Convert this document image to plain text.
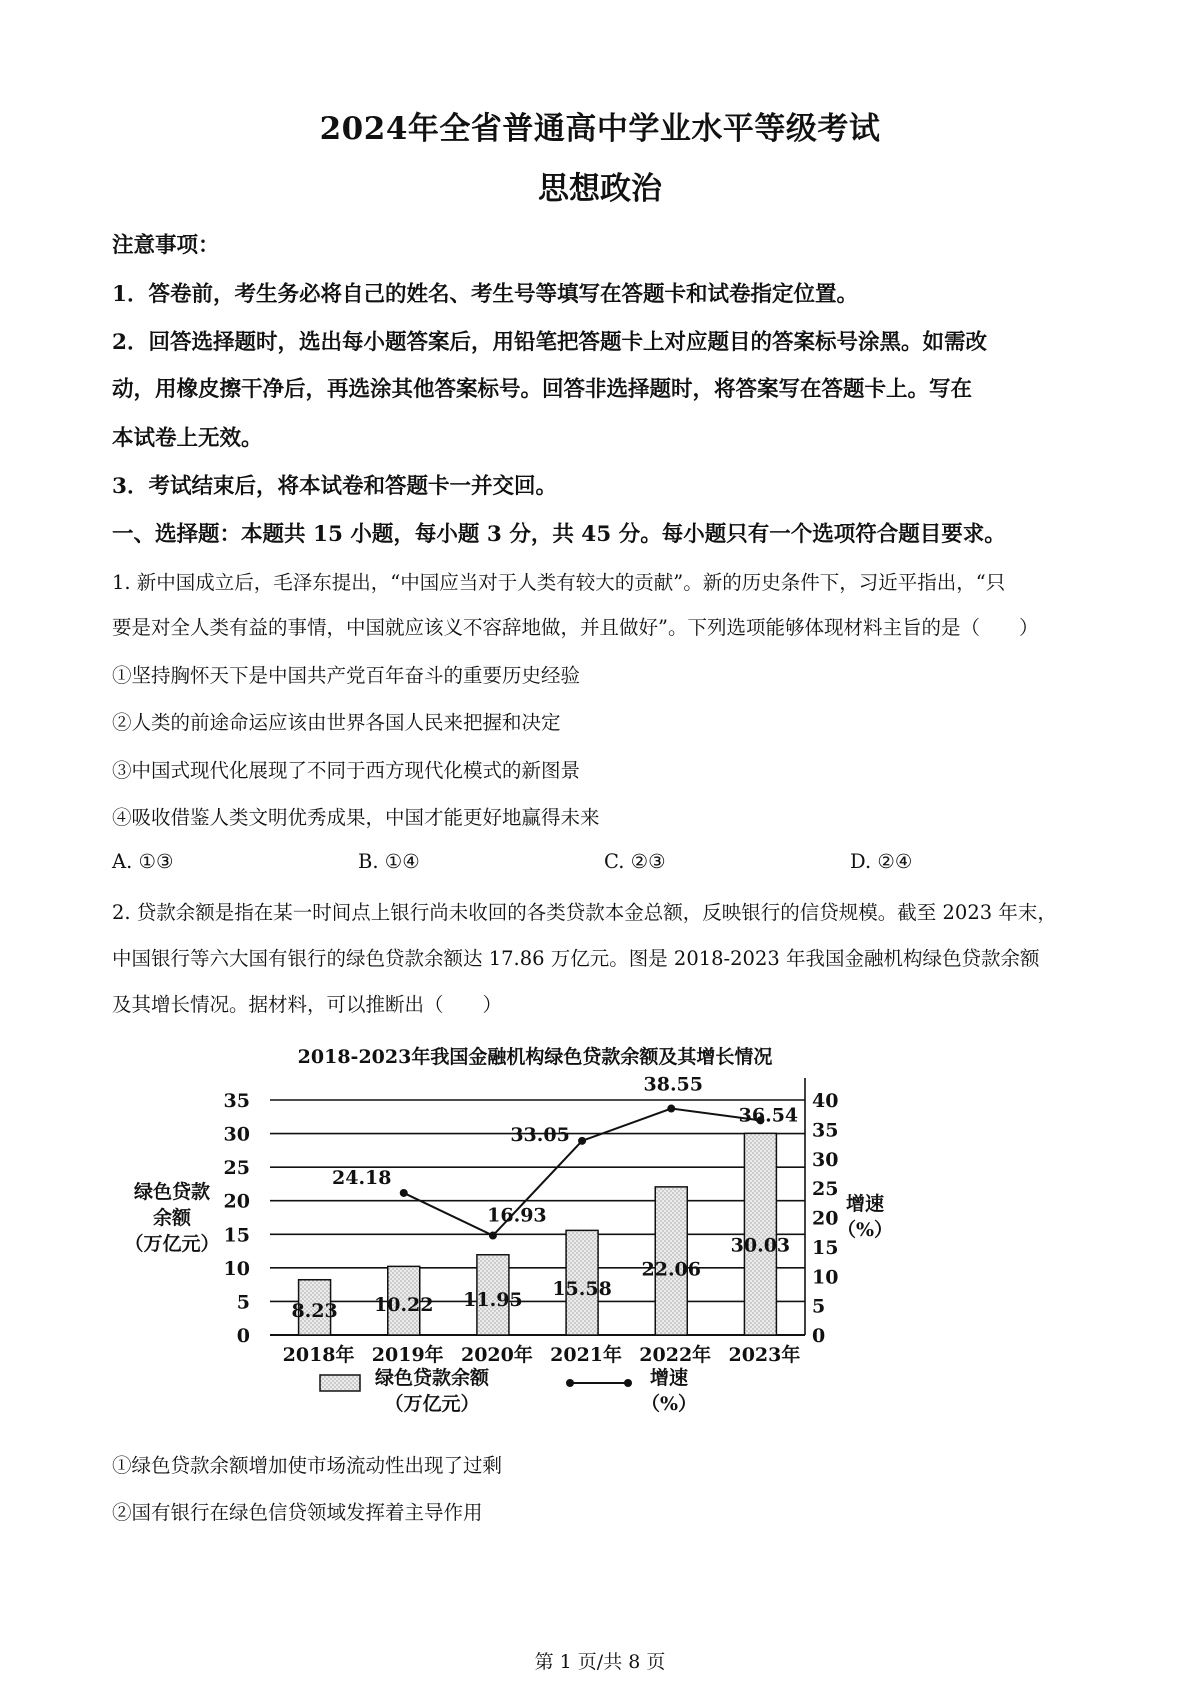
2024年全省普通高中学业水平等级考试
思想政治
注意事项：
1．答卷前，考生务必将自己的姓名、考生号等填写在答题卡和试卷指定位置。
2．回答选择题时，选出每小题答案后，用铅笔把答题卡上对应题目的答案标号涂黑。如需改
动，用橡皮擦干净后，再选涂其他答案标号。回答非选择题时，将答案写在答题卡上。写在
本试卷上无效。
3．考试结束后，将本试卷和答题卡一并交回。
一、选择题：本题共 15 小题，每小题 3 分，共 45 分。每小题只有一个选项符合题目要求。
1. 新中国成立后，毛泽东提出，“中国应当对于人类有较大的贡献”。新的历史条件下，习近平指出，“只
要是对全人类有益的事情，中国就应该义不容辞地做，并且做好”。下列选项能够体现材料主旨的是（　　）
①坚持胸怀天下是中国共产党百年奋斗的重要历史经验
②人类的前途命运应该由世界各国人民来把握和决定
③中国式现代化展现了不同于西方现代化模式的新图景
④吸收借鉴人类文明优秀成果，中国才能更好地赢得未来
A. ①③	B. ①④	C. ②③	D. ②④
2. 贷款余额是指在某一时间点上银行尚未收回的各类贷款本金总额，反映银行的信贷规模。截至 2023 年末，
中国银行等六大国有银行的绿色贷款余额达 17.86 万亿元。图是 2018-2023 年我国金融机构绿色贷款余额
及其增长情况。据材料，可以推断出（　　）
2018-2023年我国金融机构绿色贷款余额及其增长情况
0
5
10
15
20
25
30
35
0
5
10
15
20
25
30
35
40
绿色贷款
余额
（万亿元）
增速
（%）
8.23 10.22 11.95 15.58
22.06
30.03
24.18
16.93
33.05
38.55
36.54
2018年 2019年 2020年 2021年 2022年 2023年
绿色贷款余额
（万亿元）
增速
（%）
①绿色贷款余额增加使市场流动性出现了过剩
②国有银行在绿色信贷领域发挥着主导作用
第 1 页/共 8 页
